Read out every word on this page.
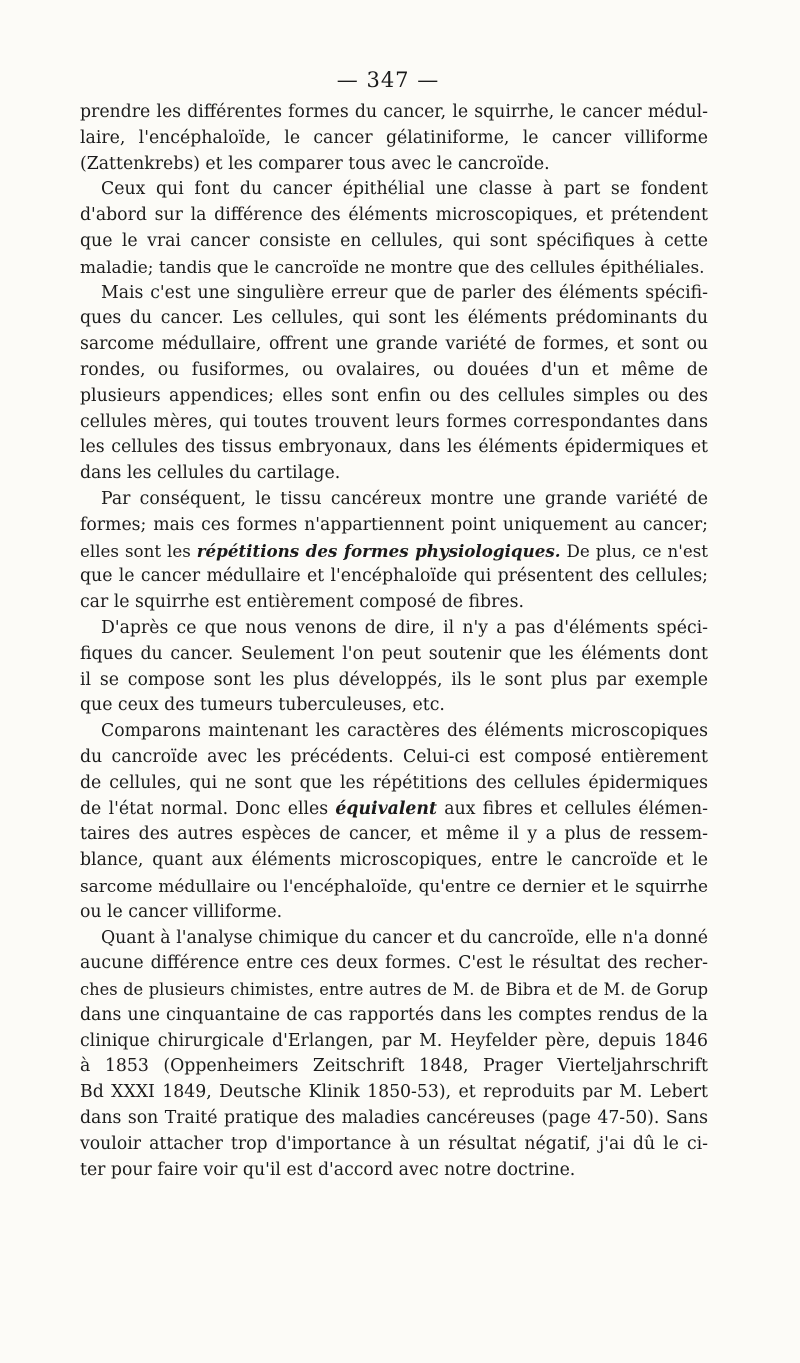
— 347 —
prendre les différentes formes du cancer, le squirrhe, le cancer médul-
laire, l'encéphaloïde, le cancer gélatiniforme, le cancer villiforme
(Zattenkrebs) et les comparer tous avec le cancroïde.
Ceux qui font du cancer épithélial une classe à part se fondent
d'abord sur la différence des éléments microscopiques, et prétendent
que le vrai cancer consiste en cellules, qui sont spécifiques à cette
maladie; tandis que le cancroïde ne montre que des cellules épithéliales.
Mais c'est une singulière erreur que de parler des éléments spécifi-
ques du cancer. Les cellules, qui sont les éléments prédominants du
sarcome médullaire, offrent une grande variété de formes, et sont ou
rondes, ou fusiformes, ou ovalaires, ou douées d'un et même de
plusieurs appendices; elles sont enfin ou des cellules simples ou des
cellules mères, qui toutes trouvent leurs formes correspondantes dans
les cellules des tissus embryonaux, dans les éléments épidermiques et
dans les cellules du cartilage.
Par conséquent, le tissu cancéreux montre une grande variété de
formes; mais ces formes n'appartiennent point uniquement au cancer;
elles sont les répétitions des formes physiologiques. De plus, ce n'est
que le cancer médullaire et l'encéphaloïde qui présentent des cellules;
car le squirrhe est entièrement composé de fibres.
D'après ce que nous venons de dire, il n'y a pas d'éléments spéci-
fiques du cancer. Seulement l'on peut soutenir que les éléments dont
il se compose sont les plus développés, ils le sont plus par exemple
que ceux des tumeurs tuberculeuses, etc.
Comparons maintenant les caractères des éléments microscopiques
du cancroïde avec les précédents. Celui-ci est composé entièrement
de cellules, qui ne sont que les répétitions des cellules épidermiques
de l'état normal. Donc elles équivalent aux fibres et cellules élémen-
taires des autres espèces de cancer, et même il y a plus de ressem-
blance, quant aux éléments microscopiques, entre le cancroïde et le
sarcome médullaire ou l'encéphaloïde, qu'entre ce dernier et le squirrhe
ou le cancer villiforme.
Quant à l'analyse chimique du cancer et du cancroïde, elle n'a donné
aucune différence entre ces deux formes. C'est le résultat des recher-
ches de plusieurs chimistes, entre autres de M. de Bibra et de M. de Gorup
dans une cinquantaine de cas rapportés dans les comptes rendus de la
clinique chirurgicale d'Erlangen, par M. Heyfelder père, depuis 1846
à 1853 (Oppenheimers Zeitschrift 1848, Prager Vierteljahrschrift
Bd XXXI 1849, Deutsche Klinik 1850-53), et reproduits par M. Lebert
dans son Traité pratique des maladies cancéreuses (page 47-50). Sans
vouloir attacher trop d'importance à un résultat négatif, j'ai dû le ci-
ter pour faire voir qu'il est d'accord avec notre doctrine.
